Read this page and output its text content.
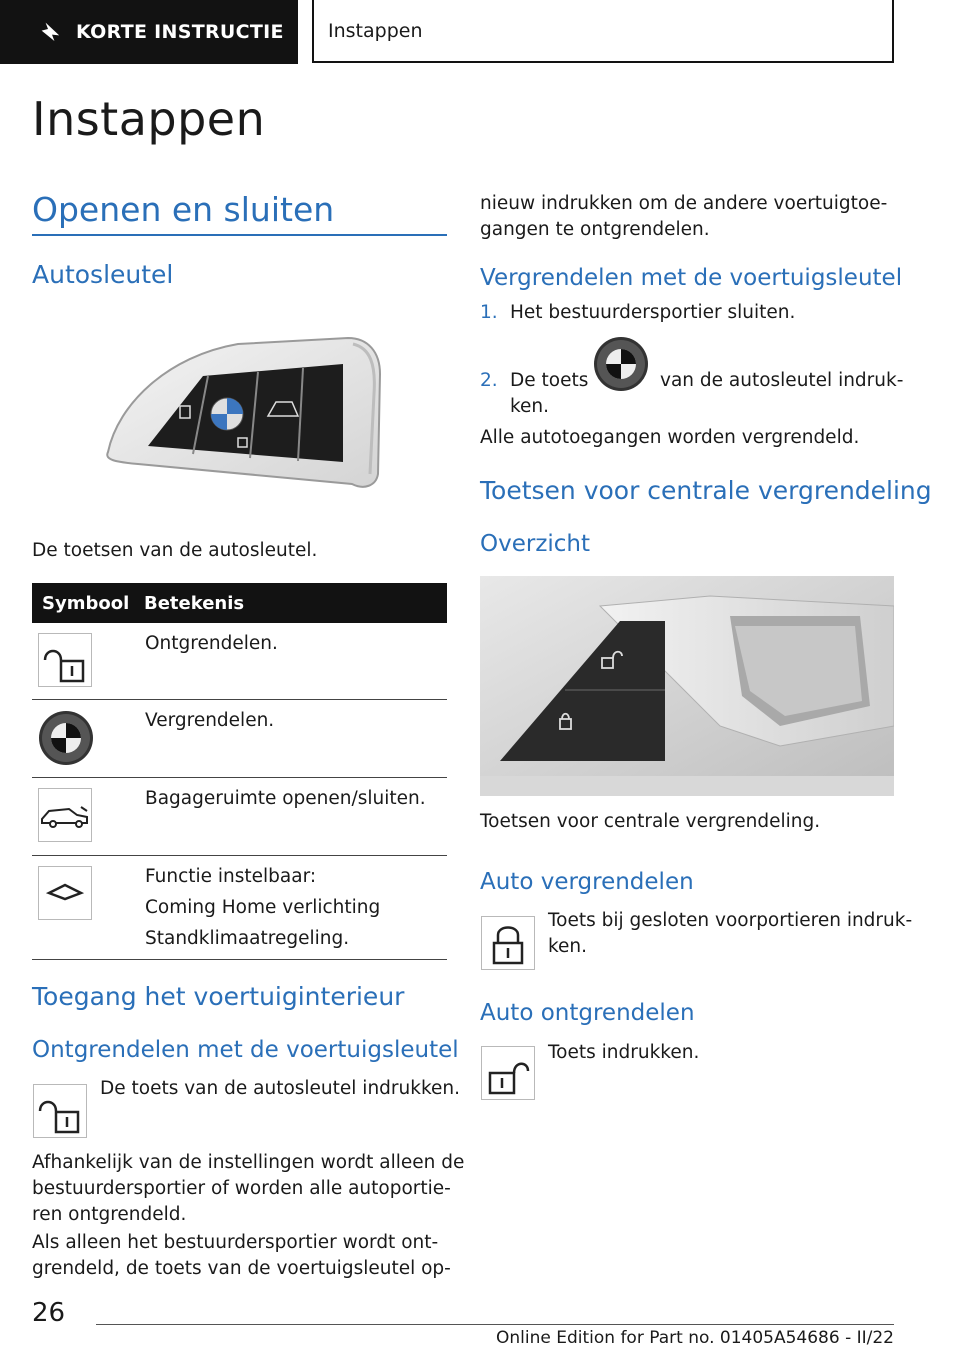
KORTE INSTRUCTIE Instappen
Instappen
Openen en sluiten
Autosleutel

De toetsen van de autosleutel.

Symbool Betekenis
Ontgrendelen.
Vergrendelen.
Bagageruimte openen/sluiten.
Functie instelbaar:
Coming Home verlichting
Standklimaatregeling.
Toegang het voertuiginterieur
Ontgrendelen met de voertuigsleutel

De toets van de autosleutel indrukken.

Afhankelijk van de instellingen wordt alleen de
bestuurdersportier of worden alle autoportie-
ren ontgrendeld.
Als alleen het bestuurdersportier wordt ont-
grendeld, de toets van de voertuigsleutel op-
nieuw indrukken om de andere voertuigtoe-
gangen te ontgrendelen.
Vergrendelen met de voertuigsleutel
1. Het bestuurdersportier sluiten.
2. De toets	van de autosleutel indruk-
ken.

Alle autotoegangen worden vergrendeld.

Toetsen voor centrale vergrendeling
Overzicht

Toetsen voor centrale vergrendeling.

Auto vergrendelen
Toets bij gesloten voorportieren indruk-
ken.
Auto ontgrendelen

Toets indrukken.

26
Online Edition for Part no. 01405A54686 - II/22
